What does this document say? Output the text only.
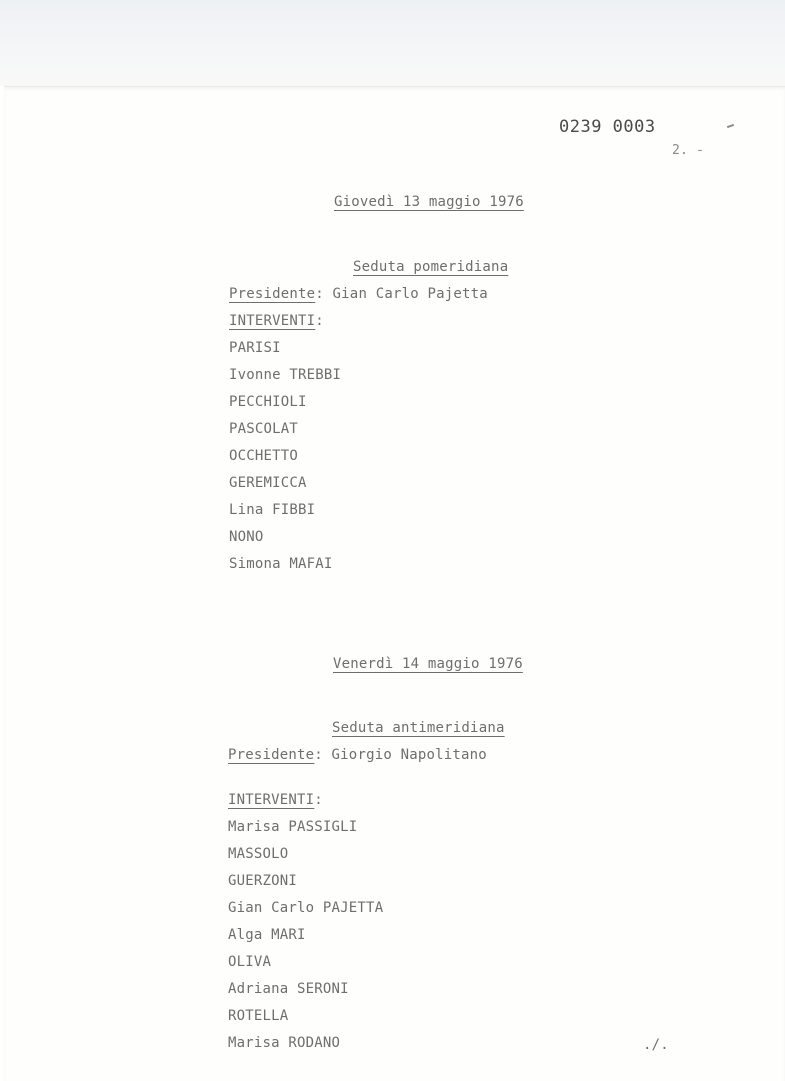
0239 0003
2. -
Giovedì 13 maggio 1976
Seduta pomeridiana
Presidente: Gian Carlo Pajetta
INTERVENTI:
PARISI
Ivonne TREBBI
PECCHIOLI
PASCOLAT
OCCHETTO
GEREMICCA
Lina FIBBI
NONO
Simona MAFAI
Venerdì 14 maggio 1976
Seduta antimeridiana
Presidente: Giorgio Napolitano
INTERVENTI:
Marisa PASSIGLI
MASSOLO
GUERZONI
Gian Carlo PAJETTA
Alga MARI
OLIVA
Adriana SERONI
ROTELLA
Marisa RODANO	./.
